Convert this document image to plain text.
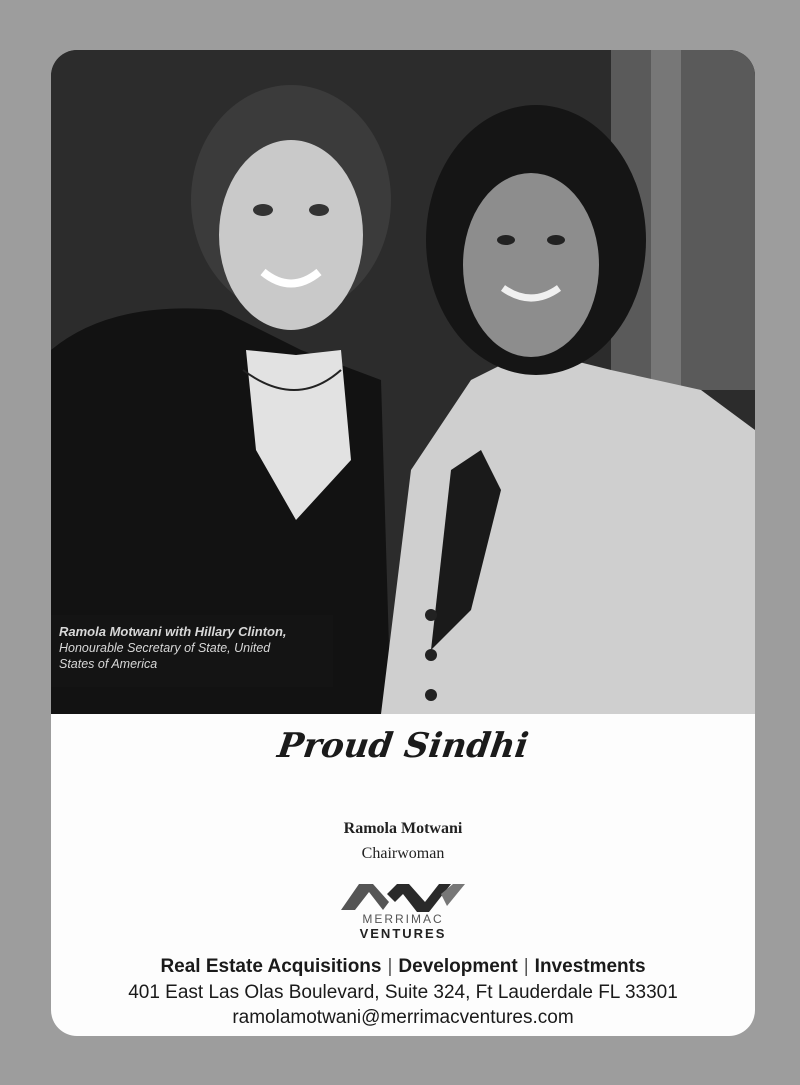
Ramola Motwani with Hillary Clinton,
Honourable Secretary of State, United
States of America
Proud Sindhi
Ramola Motwani
Chairwoman
MERRIMAC
VENTURES
Real Estate Acquisitions | Development | Investments
401 East Las Olas Boulevard, Suite 324, Ft Lauderdale FL 33301
ramolamotwani@merrimacventures.com
